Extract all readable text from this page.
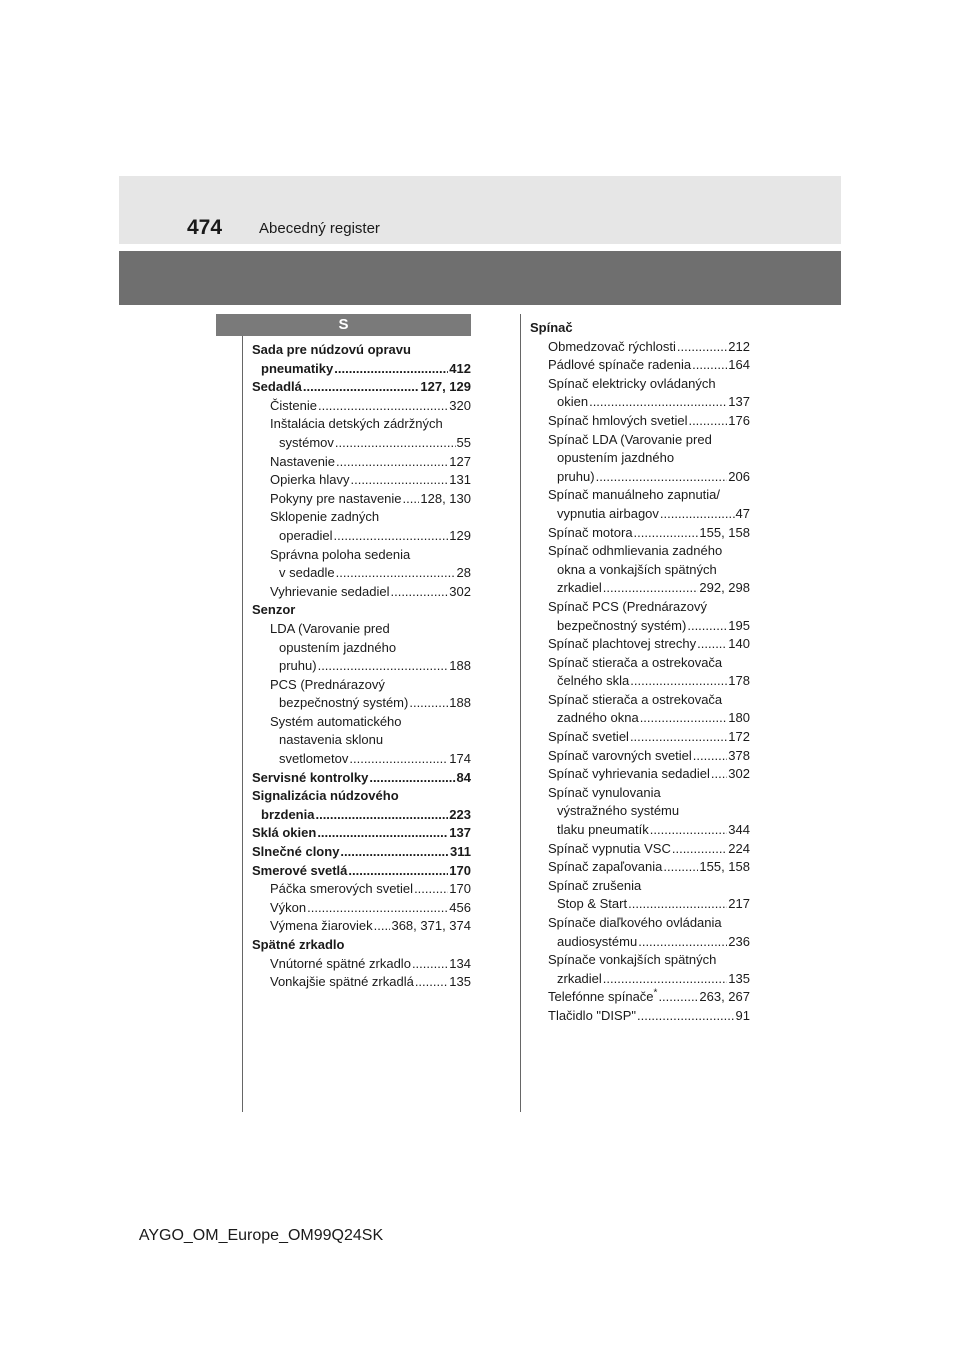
474 Abecedný register
S
Sada pre núdzovú opravu
pneumatiky .....	412
Sedadlá .....	127, 129
Čistenie .....	320
Inštalácia detských zádržných
systémov .....	55
Nastavenie .....	127
Opierka hlavy .....	131
Pokyny pre nastavenie ..... 128, 130
Sklopenie zadných
operadiel .....	129
Správna poloha sedenia
v sedadle .....	28
Vyhrievanie sedadiel .....	302
Senzor
LDA (Varovanie pred
opustením jazdného
pruhu) .....	188
PCS (Prednárazový
bezpečnostný systém) .....	188
Systém automatického
nastavenia sklonu
svetlometov .....	174
Servisné kontrolky .....	84
Signalizácia núdzového
brzdenia .....	223
Sklá okien .....	137
Slnečné clony .....	311
Smerové svetlá .....	170
Páčka smerových svetiel .....	170
Výkon .....	456
Výmena žiaroviek ..... 368, 371, 374
Spätné zrkadlo
Vnútorné spätné zrkadlo .....	134
Vonkajšie spätné zrkadlá .....	135
Spínač
Obmedzovač rýchlosti .....	212
Pádlové spínače radenia .....	164
Spínač elektricky ovládaných
okien .....	137
Spínač hmlových svetiel .....	176
Spínač LDA (Varovanie pred
opustením jazdného
pruhu) .....	206
Spínač manuálneho zapnutia/
vypnutia airbagov .....	47
Spínač motora .....	155, 158
Spínač odhmlievania zadného
okna a vonkajších spätných
zrkadiel .....	292, 298
Spínač PCS (Prednárazový
bezpečnostný systém) .....	195
Spínač plachtovej strechy ..... 140
Spínač stierača a ostrekovača
čelného skla .....	178
Spínač stierača a ostrekovača
zadného okna .....	180
Spínač svetiel .....	172
Spínač varovných svetiel .....	378
Spínač vyhrievania sedadiel ..... 302
Spínač vynulovania
výstražného systému
tlaku pneumatík .....	344
Spínač vypnutia VSC .....	224
Spínač zapaľovania .....	155, 158
Spínač zrušenia
Stop & Start .....	217
Spínače diaľkového ovládania
audiosystému .....	236
Spínače vonkajších spätných
zrkadiel .....	135
Telefónne spínače* .....	263, 267
Tlačidlo "DISP" .....	91
AYGO_OM_Europe_OM99Q24SK
